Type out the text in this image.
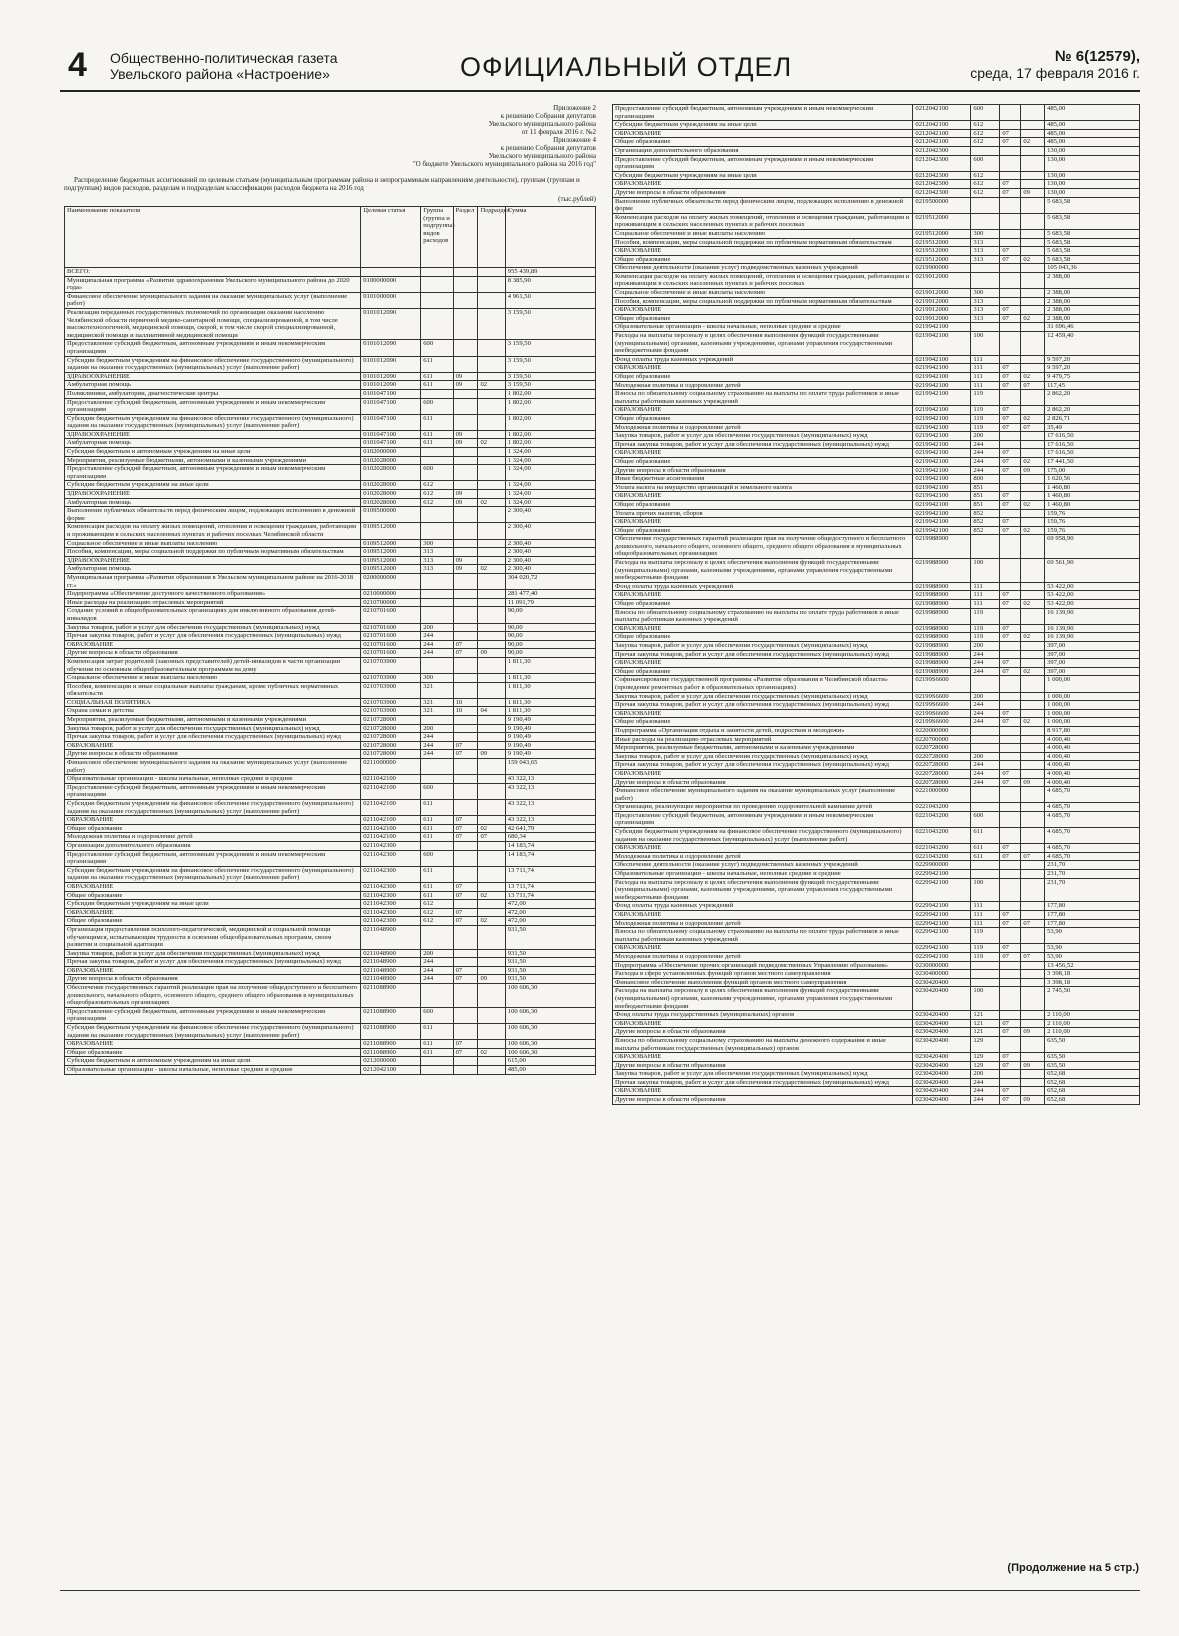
4 Общественно-политическая газета
Увельского района «Настроение»	ОФИЦИАЛЬНЫЙ ОТДЕЛ	№ 6(12579),
среда, 17 февраля 2016 г.
Приложение 2
к решению Собрания депутатов
Увельского муниципального района
от 11 февраля 2016 г. №2
Приложение 4
к решению Собрания депутатов
Увельского муниципального района
"О бюджете Увельского муниципального района на 2016 год"
Распределение бюджетных ассигнований по целевым статьям (муниципальным программам района и непрограммным направлениям деятельности), группам (группам и подгруппам) видов расходов, разделам и подразделам классификации расходов бюджета на 2016 год
(тыс.рублей)
Наименование показателя	Целевая статья	Группа (группа и подгруппа) видов расходов	Раздел	Подраздел	Сумма
ВСЕГО:					955 439,89
Муниципальная программа «Развитие здравоохранения Увельского муниципального района до 2020 года»	0100000000				8 385,90
Финансовое обеспечение муниципального задания на оказание муниципальных услуг (выполнение работ)	0101000000				4 961,50
Реализация переданных государственных полномочий по организации оказания населению Челябинской области первичной медико-санитарной помощи, специализированной, в том числе высокотехнологичной, медицинской помощи, скорой, в том числе скорой специализированной, медицинской помощи и паллиативной медицинской помощи	0101012090				3 159,50
Предоставление субсидий бюджетным, автономным учреждениям и иным некоммерческим организациям	0101012090	600			3 159,50
Субсидии бюджетным учреждениям на финансовое обеспечение государственного (муниципального) задания на оказание государственных (муниципальных) услуг (выполнение работ)	0101012090	611			3 159,50
ЗДРАВООХРАНЕНИЕ	0101012090	611	09		3 159,50
Амбулаторная помощь	0101012090	611	09	02	3 159,50
Поликлиники, амбулатории, диагностические центры	0101047100				1 802,00
Предоставление субсидий бюджетным, автономным учреждениям и иным некоммерческим организациям	0101047100	600			1 802,00
Субсидии бюджетным учреждениям на финансовое обеспечение государственного (муниципального) задания на оказание государственных (муниципальных) услуг (выполнение работ)	0101047100	611			1 802,00
ЗДРАВООХРАНЕНИЕ	0101047100	611	09		1 802,00
Амбулаторная помощь	0101047100	611	09	02	1 802,00
Субсидии бюджетным и автономным учреждениям на иные цели	0102000000				1 324,00
Мероприятия, реализуемые бюджетными, автономными и казенными учреждениями	0102028000				1 324,00
Предоставление субсидий бюджетным, автономным учреждениям и иным некоммерческим организациям	0102028000	600			1 324,00
Субсидии бюджетным учреждениям на иные цели	0102028000	612			1 324,00
ЗДРАВООХРАНЕНИЕ	0102028000	612	09		1 324,00
Амбулаторная помощь	0102028000	612	09	02	1 324,00
Выполнение публичных обязательств перед физическим лицом, подлежащих исполнению в денежной форме	0109500000				2 300,40
Компенсация расходов на оплату жилых помещений, отопления и освещения гражданам, работающим и проживающим в сельских населенных пунктах и рабочих поселках Челябинской области	0109512000				2 300,40
Социальное обеспечение и иные выплаты населению	0109512000	300			2 300,40
Пособия, компенсации, меры социальной поддержки по публичным нормативным обязательствам	0109512000	313			2 300,40
ЗДРАВООХРАНЕНИЕ	0109512000	313	09		2 300,40
Амбулаторная помощь	0109512000	313	09	02	2 300,40
Муниципальная программа «Развитие образования в Увельском муниципальном районе на 2016-2018 гг.»	0200000000				304 020,72
Подпрограмма «Обеспечение доступного качественного образования»	0210000000				281 477,40
Иные расходы на реализацию отраслевых мероприятий	0210700000				11 091,79
Создание условий в общеобразовательных организациях для инклюзивного образования детей-инвалидов	0210701600				90,00
Закупка товаров, работ и услуг для обеспечения государственных (муниципальных) нужд	0210701600	200			90,00
Прочая закупка товаров, работ и услуг для обеспечения государственных (муниципальных) нужд	0210701600	244			90,00
ОБРАЗОВАНИЕ	0210701600	244	07		90,00
Другие вопросы в области образования	0210701600	244	07	09	90,00
Компенсация затрат родителей (законных представителей) детей-инвалидов в части организации обучения по основным общеобразовательным программам на дому	0210703900				1 811,30
Социальное обеспечение и иные выплаты населению	0210703900	300			1 811,30
Пособия, компенсации и иные социальные выплаты гражданам, кроме публичных нормативных обязательств	0210703900	321			1 811,30
СОЦИАЛЬНАЯ ПОЛИТИКА	0210703900	321	10		1 811,30
Охрана семьи и детства	0210703900	321	10	04	1 811,30
Мероприятия, реализуемые бюджетными, автономными и казенными учреждениями	0210728000				9 190,49
Закупка товаров, работ и услуг для обеспечения государственных (муниципальных) нужд	0210728000	200			9 190,49
Прочая закупка товаров, работ и услуг для обеспечения государственных (муниципальных) нужд	0210728000	244			9 190,49
ОБРАЗОВАНИЕ	0210728000	244	07		9 190,49
Другие вопросы в области образования	0210728000	244	07	09	9 190,49
Финансовое обеспечение муниципального задания на оказание муниципальных услуг (выполнение работ)	0211000000				159 043,65
Образовательные организации - школы начальные, неполные средние и средние	0211042100				43 322,13
Предоставление субсидий бюджетным, автономным учреждениям и иным некоммерческим организациям	0211042100	600			43 322,13
Субсидии бюджетным учреждениям на финансовое обеспечение государственного (муниципального) задания на оказание государственных (муниципальных) услуг (выполнение работ)	0211042100	611			43 322,13
ОБРАЗОВАНИЕ	0211042100	611	07		43 322,13
Общее образование	0211042100	611	07	02	42 641,79
Молодежная политика и оздоровление детей	0211042100	611	07	07	680,34
Организации дополнительного образования	0211042300				14 183,74
Предоставление субсидий бюджетным, автономным учреждениям и иным некоммерческим организациям	0211042300	600			14 183,74
Субсидии бюджетным учреждениям на финансовое обеспечение государственного (муниципального) задания на оказание государственных (муниципальных) услуг (выполнение работ)	0211042300	611			13 711,74
ОБРАЗОВАНИЕ	0211042300	611	07		13 711,74
Общее образование	0211042300	611	07	02	13 711,74
Субсидии бюджетным учреждениям на иные цели	0211042300	612			472,00
ОБРАЗОВАНИЕ	0211042300	612	07		472,00
Общее образование	0211042300	612	07	02	472,00
Организация предоставления психолого-педагогической, медицинской и социальной помощи обучающимся, испытывающим трудности в освоении общеобразовательных программ, своем развитии и социальной адаптации	0211048900				931,50
Закупка товаров, работ и услуг для обеспечения государственных (муниципальных) нужд	0211048900	200			931,50
Прочая закупка товаров, работ и услуг для обеспечения государственных (муниципальных) нужд	0211048900	244			931,50
ОБРАЗОВАНИЕ	0211048900	244	07		931,50
Другие вопросы в области образования	0211048900	244	07	09	931,50
Обеспечение государственных гарантий реализации прав на получение общедоступного и бесплатного дошкольного, начального общего, основного общего, среднего общего образования в муниципальных общеобразовательных организациях	0211088900				100 606,30
Предоставление субсидий бюджетным, автономным учреждениям и иным некоммерческим организациям	0211088900	600			100 606,30
Субсидии бюджетным учреждениям на финансовое обеспечение государственного (муниципального) задания на оказание государственных (муниципальных) услуг (выполнение работ)	0211088900	611			100 606,30
ОБРАЗОВАНИЕ	0211088900	611	07		100 606,30
Общее образование	0211088900	611	07	02	100 606,30
Субсидии бюджетным и автономным учреждениям на иные цели	0212000000				615,00
Образовательные организации - школы начальные, неполные средние и средние	0212042100				485,00
Предоставление субсидий бюджетным, автономным учреждениям и иным некоммерческим организациям	0212042100	600			485,00
Субсидии бюджетным учреждениям на иные цели	0212042100	612			485,00
ОБРАЗОВАНИЕ	0212042100	612	07		485,00
Общее образование	0212042100	612	07	02	485,00
Организации дополнительного образования	0212042300				130,00
Предоставление субсидий бюджетным, автономным учреждениям и иным некоммерческим организациям	0212042300	600			130,00
Субсидии бюджетным учреждениям на иные цели	0212042300	612			130,00
ОБРАЗОВАНИЕ	0212042300	612	07		130,00
Другие вопросы в области образования	0212042300	612	07	09	130,00
Выполнение публичных обязательств перед физическим лицом, подлежащих исполнению в денежной форме	0219500000				5 683,58
Компенсация расходов на оплату жилых помещений, отопления и освещения гражданам, работающим и проживающим в сельских населенных пунктах и рабочих поселках	0219512000				5 683,58
Социальное обеспечение и иные выплаты населению	0219512000	300			5 683,58
Пособия, компенсации, меры социальной поддержки по публичным нормативным обязательствам	0219512000	313			5 683,58
ОБРАЗОВАНИЕ	0219512000	313	07		5 683,58
Общее образование	0219512000	313	07	02	5 683,58
Обеспечение деятельности (оказание услуг) подведомственных казенных учреждений	0219900000				105 043,36
Компенсация расходов на оплату жилых помещений, отопления и освещения гражданам, работающим и проживающим в сельских населенных пунктах и рабочих поселках	0219912000				2 388,00
Социальное обеспечение и иные выплаты населению	0219912000	300			2 388,00
Пособия, компенсации, меры социальной поддержки по публичным нормативным обязательствам	0219912000	313			2 388,00
ОБРАЗОВАНИЕ	0219912000	313	07		2 388,00
Общее образование	0219912000	313	07	02	2 388,00
Образовательные организации - школы начальные, неполные средние и средние	0219942100				31 696,46
Расходы на выплаты персоналу в целях обеспечения выполнения функций государственными (муниципальными) органами, казенными учреждениями, органами управления государственными внебюджетными фондами	0219942100	100			12 459,40
Фонд оплаты труда казенных учреждений	0219942100	111			9 597,20
ОБРАЗОВАНИЕ	0219942100	111	07		9 597,20
Общее образование	0219942100	111	07	02	9 479,75
Молодежная политика и оздоровление детей	0219942100	111	07	07	117,45
Взносы по обязательному социальному страхованию на выплаты по оплате труда работников и иные выплаты работникам казенных учреждений	0219942100	119			2 862,20
ОБРАЗОВАНИЕ	0219942100	119	07		2 862,20
Общее образование	0219942100	119	07	02	2 826,71
Молодежная политика и оздоровление детей	0219942100	119	07	07	35,49
Закупка товаров, работ и услуг для обеспечения государственных (муниципальных) нужд	0219942100	200			17 616,50
Прочая закупка товаров, работ и услуг для обеспечения государственных (муниципальных) нужд	0219942100	244			17 616,50
ОБРАЗОВАНИЕ	0219942100	244	07		17 616,50
Общее образование	0219942100	244	07	02	17 441,50
Другие вопросы в области образования	0219942100	244	07	09	175,00
Иные бюджетные ассигнования	0219942100	800			1 620,56
Уплата налога на имущество организаций и земельного налога	0219942100	851			1 460,80
ОБРАЗОВАНИЕ	0219942100	851	07		1 460,80
Общее образование	0219942100	851	07	02	1 460,80
Уплата прочих налогов, сборов	0219942100	852			159,76
ОБРАЗОВАНИЕ	0219942100	852	07		159,76
Общее образование	0219942100	852	07	02	159,76
Обеспечение государственных гарантий реализации прав на получение общедоступного и бесплатного дошкольного, начального общего, основного общего, среднего общего образования в муниципальных общеобразовательных организациях	0219988900				69 958,90
Расходы на выплаты персоналу в целях обеспечения выполнения функций государственными (муниципальными) органами, казенными учреждениями, органами управления государственными внебюджетными фондами	0219988900	100			69 561,90
Фонд оплаты труда казенных учреждений	0219988900	111			53 422,00
ОБРАЗОВАНИЕ	0219988900	111	07		53 422,00
Общее образование	0219988900	111	07	02	53 422,00
Взносы по обязательному социальному страхованию на выплаты по оплате труда работников и иные выплаты работникам казенных учреждений	0219988900	119			16 139,90
ОБРАЗОВАНИЕ	0219988900	119	07		16 139,90
Общее образование	0219988900	119	07	02	16 139,90
Закупка товаров, работ и услуг для обеспечения государственных (муниципальных) нужд	0219988900	200			397,00
Прочая закупка товаров, работ и услуг для обеспечения государственных (муниципальных) нужд	0219988900	244			397,00
ОБРАЗОВАНИЕ	0219988900	244	07		397,00
Общее образование	0219988900	244	07	02	397,00
Софинансирование государственной программы «Развитие образования в Челябинской области» (проведение ремонтных работ в образовательных организациях)	02199S6600				1 000,00
Закупка товаров, работ и услуг для обеспечения государственных (муниципальных) нужд	02199S6600	200			1 000,00
Прочая закупка товаров, работ и услуг для обеспечения государственных (муниципальных) нужд	02199S6600	244			1 000,00
ОБРАЗОВАНИЕ	02199S6600	244	07		1 000,00
Общее образование	02199S6600	244	07	02	1 000,00
Подпрограмма «Организация отдыха и занятости детей, подростков и молодежи»	0220000000				8 917,80
Иные расходы на реализацию отраслевых мероприятий	0220700000				4 000,40
Мероприятия, реализуемые бюджетными, автономными и казенными учреждениями	0220728000				4 000,40
Закупка товаров, работ и услуг для обеспечения государственных (муниципальных) нужд	0220728000	200			4 000,40
Прочая закупка товаров, работ и услуг для обеспечения государственных (муниципальных) нужд	0220728000	244			4 000,40
ОБРАЗОВАНИЕ	0220728000	244	07		4 000,40
Другие вопросы в области образования	0220728000	244	07	09	4 000,40
Финансовое обеспечение муниципального задания на оказание муниципальных услуг (выполнение работ)	0221000000				4 685,70
Организации, реализующие мероприятия по проведению оздоровительной кампании детей	0221043200				4 685,70
Предоставление субсидий бюджетным, автономным учреждениям и иным некоммерческим организациям	0221043200	600			4 685,70
Субсидии бюджетным учреждениям на финансовое обеспечение государственного (муниципального) задания на оказание государственных (муниципальных) услуг (выполнение работ)	0221043200	611			4 685,70
ОБРАЗОВАНИЕ	0221043200	611	07		4 685,70
Молодежная политика и оздоровление детей	0221043200	611	07	07	4 685,70
Обеспечение деятельности (оказание услуг) подведомственных казенных учреждений	0229900000				231,70
Образовательные организации - школы начальные, неполные средние и средние	0229942100				231,70
Расходы на выплаты персоналу в целях обеспечения выполнения функций государственными (муниципальными) органами, казенными учреждениями, органами управления государственными внебюджетными фондами	0229942100	100			231,70
Фонд оплаты труда казенных учреждений	0229942100	111			177,80
ОБРАЗОВАНИЕ	0229942100	111	07		177,80
Молодежная политика и оздоровление детей	0229942100	111	07	07	177,80
Взносы по обязательному социальному страхованию на выплаты по оплате труда работников и иные выплаты работникам казенных учреждений	0229942100	119			53,90
ОБРАЗОВАНИЕ	0229942100	119	07		53,90
Молодежная политика и оздоровление детей	0229942100	119	07	07	53,90
Подпрограмма «Обеспечение прочих организаций подведомственных Управлению образования»	0230000000				13 456,52
Расходы в сфере установленных функций органов местного самоуправления	0230400000				3 398,18
Финансовое обеспечение выполнения функций органов местного самоуправления	0230420400				3 398,18
Расходы на выплаты персоналу в целях обеспечения выполнения функций государственными (муниципальными) органами, казенными учреждениями, органами управления государственными внебюджетными фондами	0230420400	100			2 745,50
Фонд оплаты труда государственных (муниципальных) органов	0230420400	121			2 110,00
ОБРАЗОВАНИЕ	0230420400	121	07		2 110,00
Другие вопросы в области образования	0230420400	121	07	09	2 110,00
Взносы по обязательному социальному страхованию на выплаты денежного содержания и иные выплаты работникам государственных (муниципальных) органов	0230420400	129			635,50
ОБРАЗОВАНИЕ	0230420400	129	07		635,50
Другие вопросы в области образования	0230420400	129	07	09	635,50
Закупка товаров, работ и услуг для обеспечения государственных (муниципальных) нужд	0230420400	200			652,68
Прочая закупка товаров, работ и услуг для обеспечения государственных (муниципальных) нужд	0230420400	244			652,68
ОБРАЗОВАНИЕ	0230420400	244	07		652,68
Другие вопросы в области образования	0230420400	244	07	09	652,68
(Продолжение на 5 стр.)
